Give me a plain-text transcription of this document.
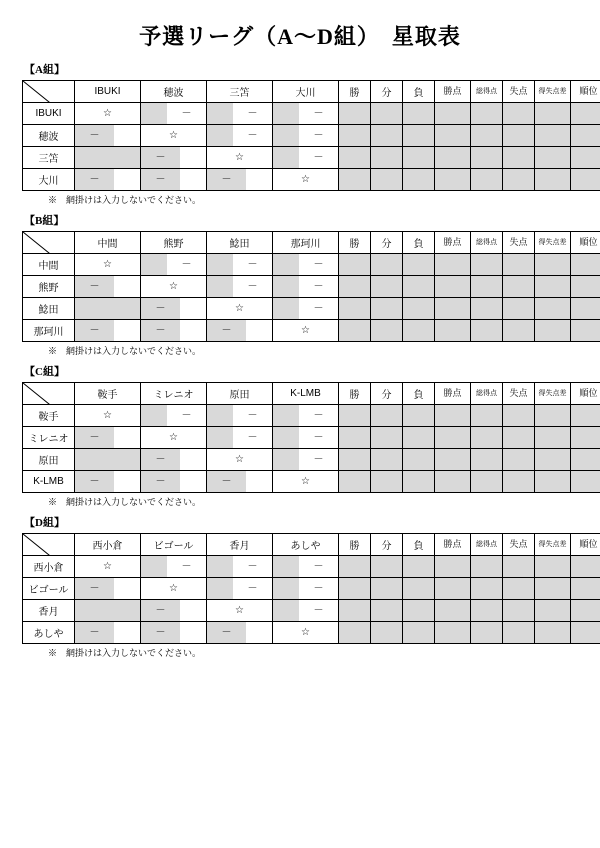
予選リーグ（A〜D組）　星取表
【A組】
	IBUKI	穂波	三笘	大川	勝	分	負	勝点	総得点	失点	得失点差	順位
IBUKI	☆	－	－	－								

穂波	－	☆	－	－								

三笘		－	☆	－								

大川	－	－	－	☆								
※　網掛けは入力しないでください。
【B組】
	中間	熊野	鯰田	那珂川	勝	分	負	勝点	総得点	失点	得失点差	順位
中間	☆	－	－	－								

熊野	－	☆	－	－								

鯰田		－	☆	－								

那珂川	－	－	－	☆								
※　網掛けは入力しないでください。
【C組】
	鞍手	ミレニオ	原田	K-LMB	勝	分	負	勝点	総得点	失点	得失点差	順位
鞍手	☆	－	－	－								

ミレニオ	－	☆	－	－								

原田		－	☆	－								

K-LMB	－	－	－	☆								
※　網掛けは入力しないでください。
【D組】
	西小倉	ビゴール	香月	あしや	勝	分	負	勝点	総得点	失点	得失点差	順位
西小倉	☆	－	－	－								

ビゴール	－	☆	－	－								

香月		－	☆	－								

あしや	－	－	－	☆								
※　網掛けは入力しないでください。
